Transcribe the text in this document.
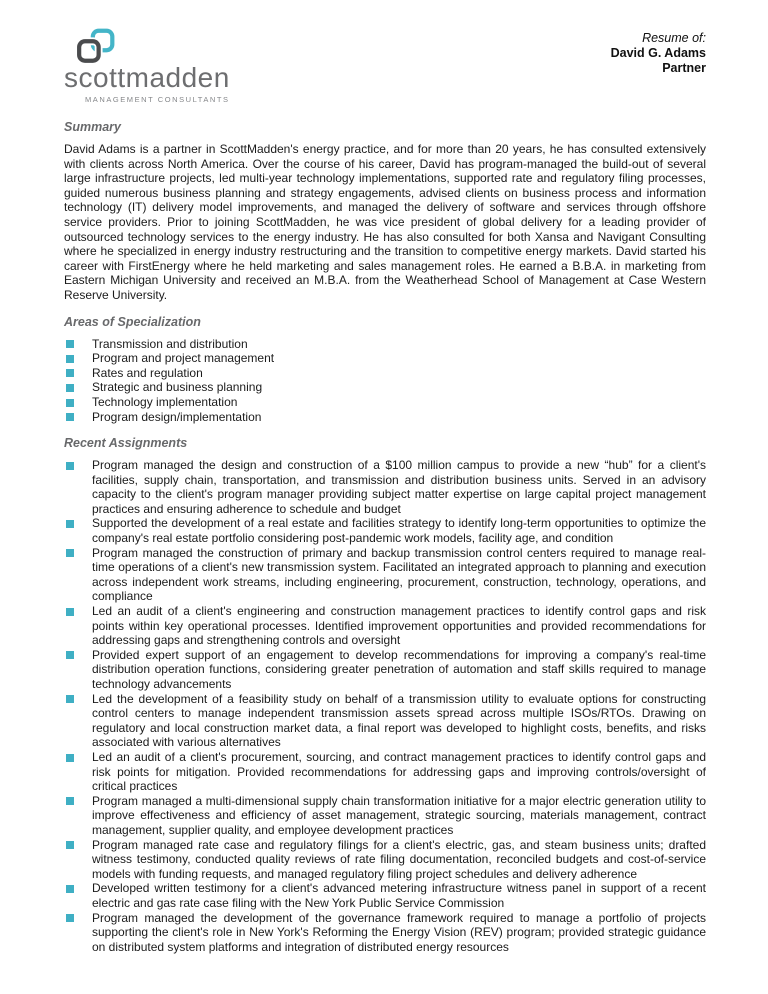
scottmadden
MANAGEMENT CONSULTANTS
Resume of:
David G. Adams
Partner
Summary

David Adams is a partner in ScottMadden's energy practice, and for more than 20 years, he has consulted extensively with clients across North America. Over the course of his career, David has program-managed the build-out of several large infrastructure projects, led multi-year technology implementations, supported rate and regulatory filing processes, guided numerous business planning and strategy engagements, advised clients on business process and information technology (IT) delivery model improvements, and managed the delivery of software and services through offshore service providers. Prior to joining ScottMadden, he was vice president of global delivery for a leading provider of outsourced technology services to the energy industry. He has also consulted for both Xansa and Navigant Consulting where he specialized in energy industry restructuring and the transition to competitive energy markets. David started his career with FirstEnergy where he held marketing and sales management roles. He earned a B.B.A. in marketing from Eastern Michigan University and received an M.B.A. from the Weatherhead School of Management at Case Western Reserve University.

Areas of Specialization
Transmission and distribution
Program and project management
Rates and regulation
Strategic and business planning
Technology implementation
Program design/implementation
Recent Assignments
Program managed the design and construction of a $100 million campus to provide a new “hub” for a client's facilities, supply chain, transportation, and transmission and distribution business units. Served in an advisory capacity to the client's program manager providing subject matter expertise on large capital project management practices and ensuring adherence to schedule and budget
Supported the development of a real estate and facilities strategy to identify long-term opportunities to optimize the company's real estate portfolio considering post-pandemic work models, facility age, and condition
Program managed the construction of primary and backup transmission control centers required to manage real-time operations of a client's new transmission system. Facilitated an integrated approach to planning and execution across independent work streams, including engineering, procurement, construction, technology, operations, and compliance
Led an audit of a client's engineering and construction management practices to identify control gaps and risk points within key operational processes. Identified improvement opportunities and provided recommendations for addressing gaps and strengthening controls and oversight
Provided expert support of an engagement to develop recommendations for improving a company's real-time distribution operation functions, considering greater penetration of automation and staff skills required to manage technology advancements
Led the development of a feasibility study on behalf of a transmission utility to evaluate options for constructing control centers to manage independent transmission assets spread across multiple ISOs/RTOs. Drawing on regulatory and local construction market data, a final report was developed to highlight costs, benefits, and risks associated with various alternatives
Led an audit of a client's procurement, sourcing, and contract management practices to identify control gaps and risk points for mitigation. Provided recommendations for addressing gaps and improving controls/oversight of critical practices
Program managed a multi-dimensional supply chain transformation initiative for a major electric generation utility to improve effectiveness and efficiency of asset management, strategic sourcing, materials management, contract management, supplier quality, and employee development practices
Program managed rate case and regulatory filings for a client's electric, gas, and steam business units; drafted witness testimony, conducted quality reviews of rate filing documentation, reconciled budgets and cost-of-service models with funding requests, and managed regulatory filing project schedules and delivery adherence
Developed written testimony for a client's advanced metering infrastructure witness panel in support of a recent electric and gas rate case filing with the New York Public Service Commission
Program managed the development of the governance framework required to manage a portfolio of projects supporting the client's role in New York's Reforming the Energy Vision (REV) program; provided strategic guidance on distributed system platforms and integration of distributed energy resources
